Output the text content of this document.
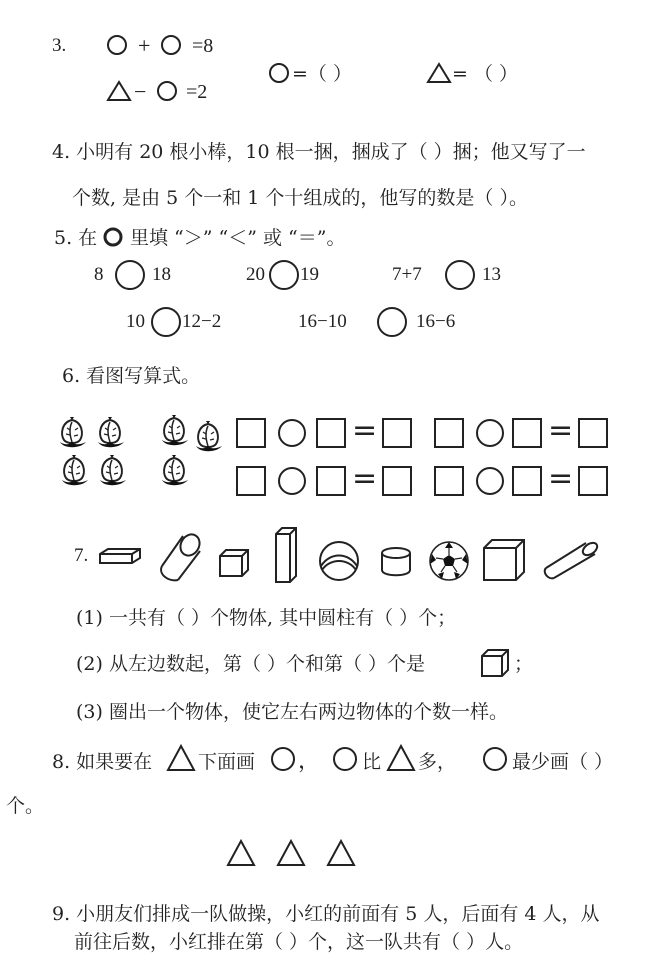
3.	+ =8
− =2
=（ ）	= （ ）
4. 小明有 20 根小棒，10 根一捆，捆成了（ ）捆；他又写了一
个数, 是由 5 个一和 1 个十组成的，他写的数是（ ）。
5. 在 里填 “＞” “＜” 或 “＝”。
8	18	20 19	7+7	13
10 12−2	16−10	16−6
6. 看图写算式。
=	=
=	=
7.
(1) 一共有（ ）个物体, 其中圆柱有（ ）个；
(2) 从左边数起，第（ ）个和第（ ）个是	；
(3) 圈出一个物体，使它左右两边物体的个数一样。
8. 如果要在 下面画 ， 比 多，	最少画（ ）
个。
9. 小朋友们排成一队做操，小红的前面有 5 人，后面有 4 人，从
前往后数，小红排在第（ ）个，这一队共有（ ）人。
